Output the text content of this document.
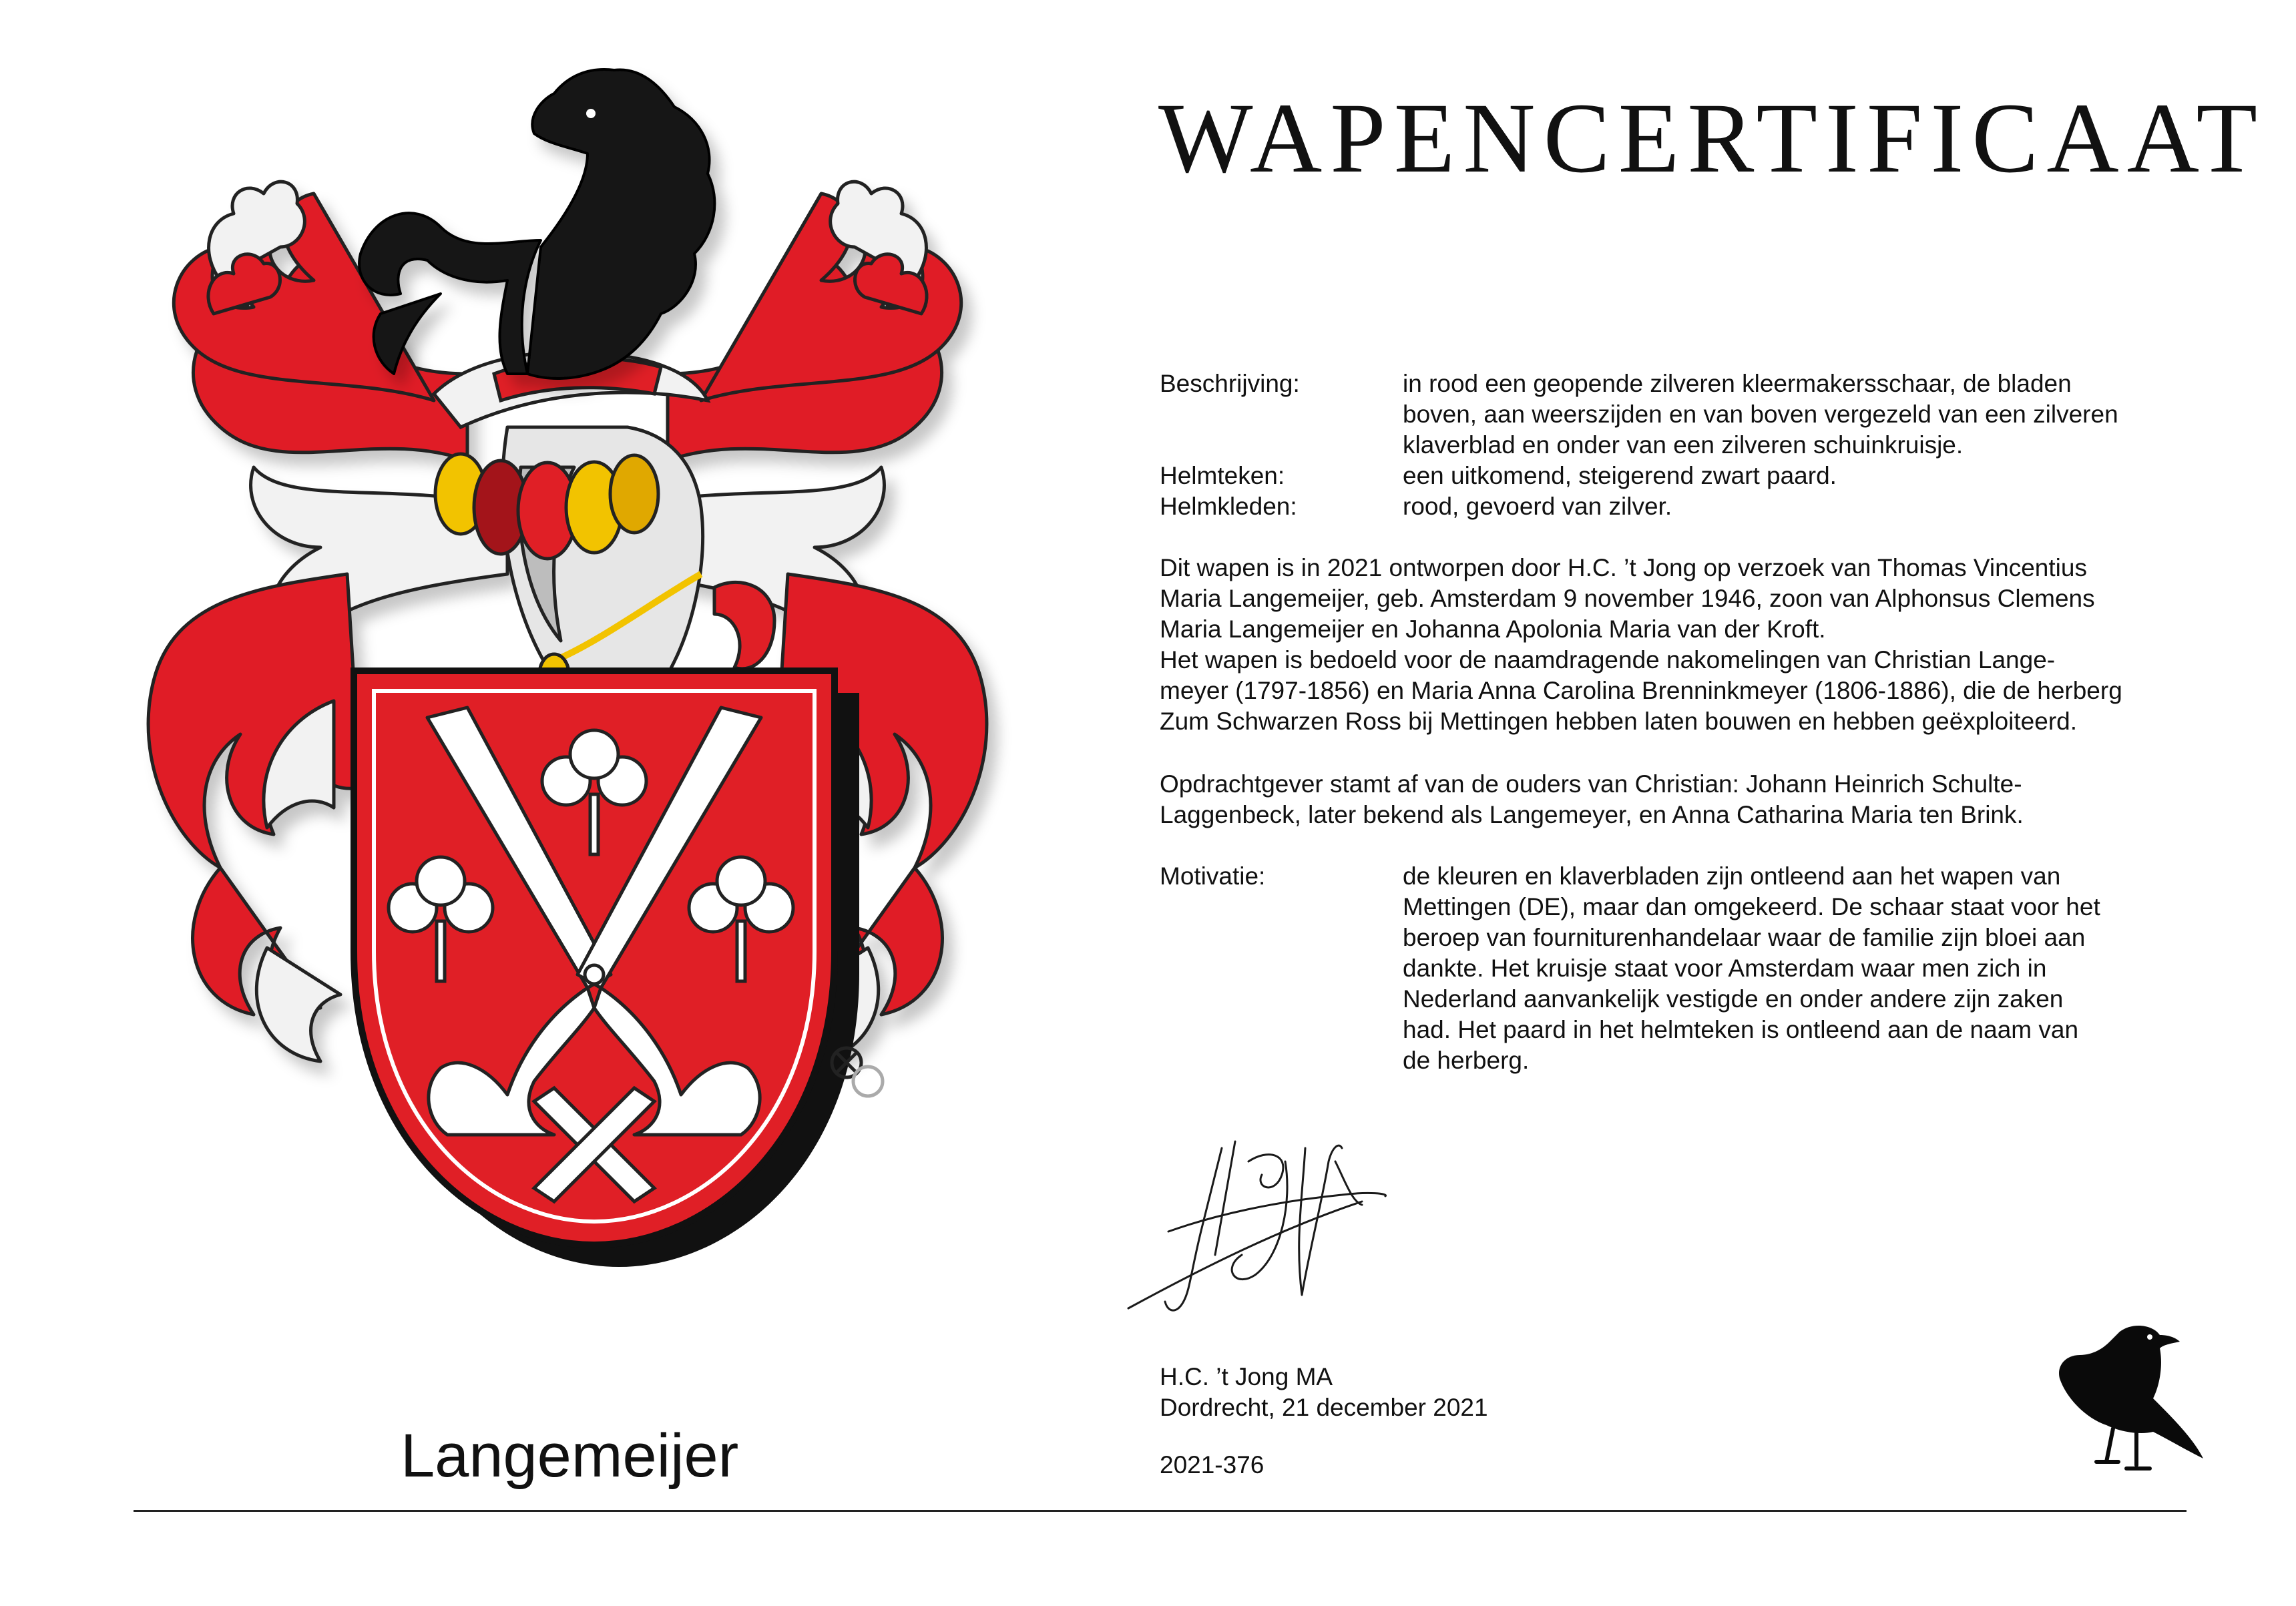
WAPENCERTIFICAAT
Beschrijving:	in rood een geopende zilveren kleermakersschaar, de bladen
boven, aan weerszijden en van boven vergezeld van een zilveren
klaverblad en onder van een zilveren schuinkruisje.
Helmteken:	een uitkomend, steigerend zwart paard.
Helmkleden:	rood, gevoerd van zilver.
Dit wapen is in 2021 ontworpen door H.C. ’t Jong op verzoek van Thomas Vincentius
Maria Langemeijer, geb. Amsterdam 9 november 1946, zoon van Alphonsus Clemens
Maria Langemeijer en Johanna Apolonia Maria van der Kroft.
Het wapen is bedoeld voor de naamdragende nakomelingen van Christian Lange-
meyer (1797-1856) en Maria Anna Carolina Brenninkmeyer (1806-1886), die de herberg
Zum Schwarzen Ross bij Mettingen hebben laten bouwen en hebben geëxploiteerd.
Opdrachtgever stamt af van de ouders van Christian: Johann Heinrich Schulte-
Laggenbeck, later bekend als Langemeyer, en Anna Catharina Maria ten Brink.
Motivatie:	de kleuren en klaverbladen zijn ontleend aan het wapen van
Mettingen (DE), maar dan omgekeerd. De schaar staat voor het
beroep van fourniturenhandelaar waar de familie zijn bloei aan
dankte. Het kruisje staat voor Amsterdam waar men zich in
Nederland aanvankelijk vestigde en onder andere zijn zaken
had. Het paard in het helmteken is ontleend aan de naam van
de herberg.
H.C. ’t Jong MA
Dordrecht, 21 december 2021
2021-376
Langemeijer
